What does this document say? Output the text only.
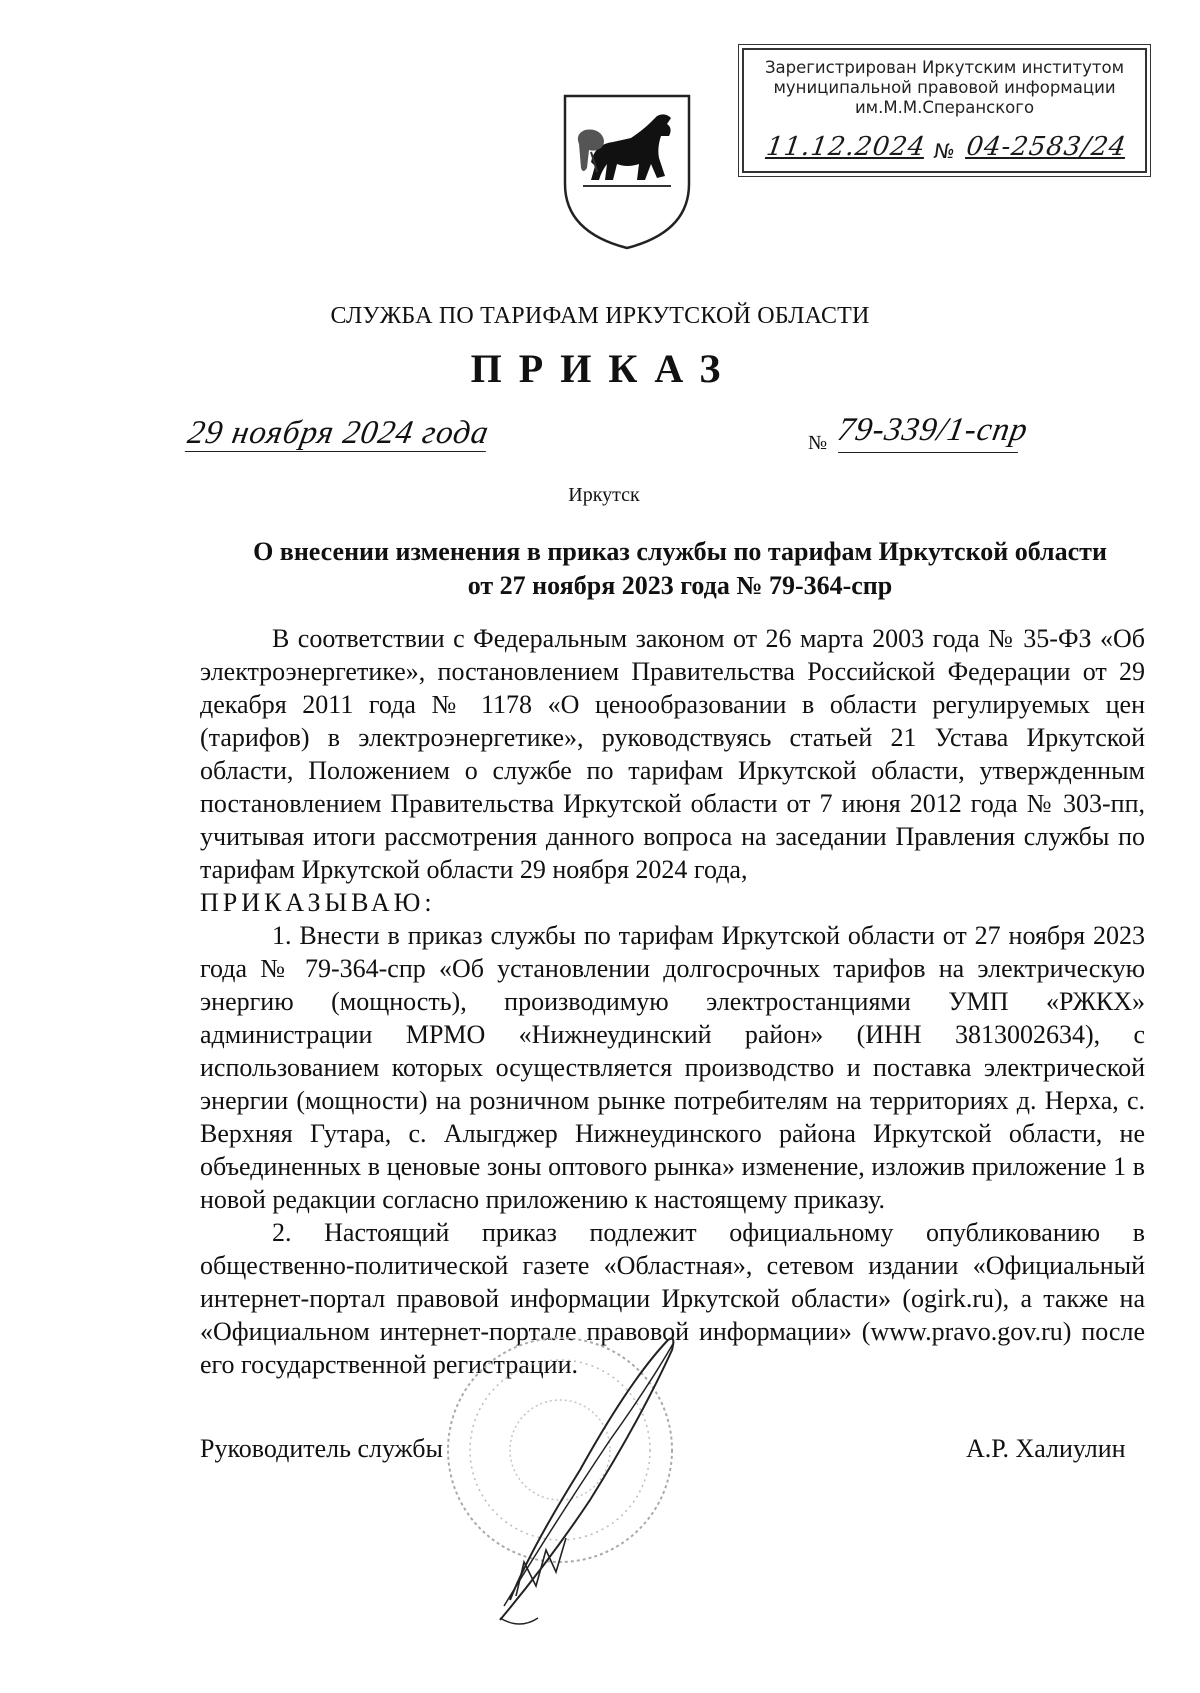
Зарегистрирован Иркутским институтом
муниципальной правовой информации
им.М.М.Сперанского
11.12.2024 № 04-2583/24
СЛУЖБА ПО ТАРИФАМ ИРКУТСКОЙ ОБЛАСТИ
ПРИКАЗ
29 ноября 2024 года	№ 79-339/1-спр
Иркутск
О внесении изменения в приказ службы по тарифам Иркутской области
от 27 ноября 2023 года № 79-364-спр

В соответствии с Федеральным законом от 26 марта 2003 года № 35-ФЗ «Об электроэнергетике», постановлением Правительства Российской Федерации от 29 декабря 2011 года № 1178 «О ценообразовании в области регулируемых цен (тарифов) в электроэнергетике», руководствуясь статьей 21 Устава Иркутской области, Положением о службе по тарифам Иркутской области, утвержденным постановлением Правительства Иркутской области от 7 июня 2012 года № 303-пп, учитывая итоги рассмотрения данного вопроса на заседании Правления службы по тарифам Иркутской области 29 ноября 2024 года,

ПРИКАЗЫВАЮ:

1. Внести в приказ службы по тарифам Иркутской области от 27 ноября 2023 года № 79-364-спр «Об установлении долгосрочных тарифов на электрическую энергию (мощность), производимую электростанциями УМП «РЖКХ» администрации МРМО «Нижнеудинский район» (ИНН 3813002634), с использованием которых осуществляется производство и поставка электрической энергии (мощности) на розничном рынке потребителям на территориях д. Нерха, с. Верхняя Гутара, с. Алыгджер Нижнеудинского района Иркутской области, не объединенных в ценовые зоны оптового рынка» изменение, изложив приложение 1 в новой редакции согласно приложению к настоящему приказу.

2. Настоящий приказ подлежит официальному опубликованию в общественно-политической газете «Областная», сетевом издании «Официальный интернет-портал правовой информации Иркутской области» (ogirk.ru), а также на «Официальном интернет-портале правовой информации» (www.pravo.gov.ru) после его государственной регистрации.

Руководитель службы	А.Р. Халиулин
